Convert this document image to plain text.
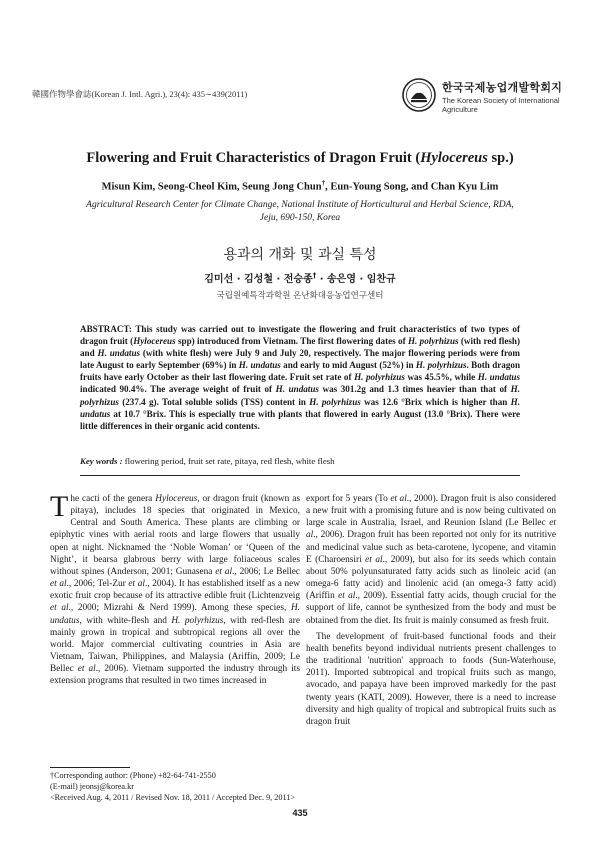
韓國作物學會誌(Korean J. Intl. Agri.), 23(4): 435∼439(2011)	한국국제농업개발학회지
The Korean Society of International
Agriculture
Flowering and Fruit Characteristics of Dragon Fruit (Hylocereus sp.)
Misun Kim, Seong-Cheol Kim, Seung Jong Chun†, Eun-Young Song, and Chan Kyu Lim
Agricultural Research Center for Climate Change, National Institute of Horticultural and Herbal Science, RDA,
Jeju, 690-150, Korea
용과의 개화 및 과실 특성
김미선 · 김성철 · 전승종† · 송은영 · 임찬규
국립원예특작과학원 온난화대응농업연구센터
ABSTRACT: This study was carried out to investigate the flowering and fruit characteristics of two types of dragon fruit (Hylocereus spp) introduced from Vietnam. The first flowering dates of H. polyrhizus (with red flesh) and H. undatus (with white flesh) were July 9 and July 20, respectively. The major flowering periods were from late August to early September (69%) in H. undatus and early to mid August (52%) in H. polyrhizus. Both dragon fruits have early October as their last flowering date. Fruit set rate of H. polyrhizus was 45.5%, while H. undatus indicated 90.4%. The average weight of fruit of H. undatus was 301.2g and 1.3 times heavier than that of H. polyrhizus (237.4 g). Total soluble solids (TSS) content in H. polyrhizus was 12.6 °Brix which is higher than H. undatus at 10.7 °Brix. This is especially true with plants that flowered in early August (13.0 °Brix). There were little differences in their organic acid contents.
Key words : flowering period, fruit set rate, pitaya, red flesh, white flesh

The cacti of the genera Hylocereus, or dragon fruit (known as pitaya), includes 18 species that originated in Mexico, Central and South America. These plants are climbing or epiphytic vines with aerial roots and large flowers that usually open at night. Nicknamed the ‘Noble Woman’ or ‘Queen of the Night’, it bearsa glabrous berry with large foliaceous scales without spines (Anderson, 2001; Gunasena et al., 2006; Le Bellec et al., 2006; Tel-Zur et al., 2004). It has established itself as a new exotic fruit crop because of its attractive edible fruit (Lichtenzveig et al., 2000; Mizrahi & Nerd 1999). Among these species, H. undatus, with white-flesh and H. polyrhizus, with red-flesh are mainly grown in tropical and subtropical regions all over the world. Major commercial cultivating countries in Asia are Vietnam, Taiwan, Philippines, and Malaysia (Ariffin, 2009; Le Bellec et al., 2006). Vietnam supported the industry through its extension programs that resulted in two times increased in

export for 5 years (To et al., 2000). Dragon fruit is also considered a new fruit with a promising future and is now being cultivated on large scale in Australia, Israel, and Reunion Island (Le Bellec et al., 2006). Dragon fruit has been reported not only for its nutritive and medicinal value such as beta-carotene, lycopene, and vitamin E (Charoensiri et al., 2009), but also for its seeds which contain about 50% polyunsaturated fatty acids such as linoleic acid (an omega-6 fatty acid) and linolenic acid (an omega-3 fatty acid) (Ariffin et al., 2009). Essential fatty acids, though crucial for the support of life, cannot be synthesized from the body and must be obtained from the diet. Its fruit is mainly consumed as fresh fruit.

The development of fruit-based functional foods and their health benefits beyond individual nutrients present challenges to the traditional 'nutrition' approach to foods (Sun-Waterhouse, 2011). Imported subtropical and tropical fruits such as mango, avocado, and papaya have been improved markedly for the past twenty years (KATI, 2009). However, there is a need to increase diversity and high quality of tropical and subtropical fruits such as dragon fruit

†Corresponding author: (Phone) +82-64-741-2550
(E-mail) jeonsj@korea.kr
<Received Aug. 4, 2011 / Revised Nov. 18, 2011 / Accepted Dec. 9, 2011>
435
